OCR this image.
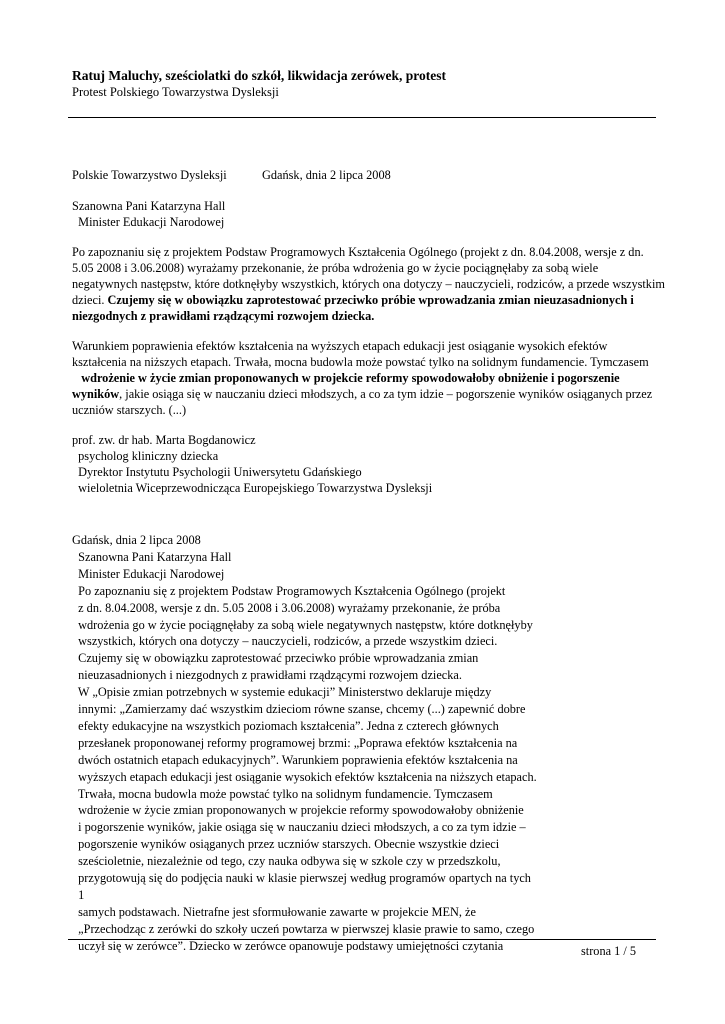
Ratuj Maluchy, sześciolatki do szkół, likwidacja zerówek, protest
Protest Polskiego Towarzystwa Dysleksji
Polskie Towarzystwo Dysleksji	Gdańsk, dnia 2 lipca 2008
Szanowna Pani Katarzyna Hall
Minister Edukacji Narodowej
Po zapoznaniu się z projektem Podstaw Programowych Kształcenia Ogólnego (projekt z dn. 8.04.2008, wersje z dn.
5.05 2008 i 3.06.2008) wyrażamy przekonanie, że próba wdrożenia go w życie pociągnęłaby za sobą wiele
negatywnych następstw, które dotknęłyby wszystkich, których ona dotyczy – nauczycieli, rodziców, a przede wszystkim
dzieci. Czujemy się w obowiązku zaprotestować przeciwko próbie wprowadzania zmian nieuzasadnionych i
niezgodnych z prawidłami rządzącymi rozwojem dziecka.
Warunkiem poprawienia efektów kształcenia na wyższych etapach edukacji jest osiąganie wysokich efektów
kształcenia na niższych etapach. Trwała, mocna budowla może powstać tylko na solidnym fundamencie. Tymczasem
wdrożenie w życie zmian proponowanych w projekcie reformy spowodowałoby obniżenie i pogorszenie
wyników, jakie osiąga się w nauczaniu dzieci młodszych, a co za tym idzie – pogorszenie wyników osiąganych przez
uczniów starszych. (...)
prof. zw. dr hab. Marta Bogdanowicz
psycholog kliniczny dziecka
Dyrektor Instytutu Psychologii Uniwersytetu Gdańskiego
wieloletnia Wiceprzewodnicząca Europejskiego Towarzystwa Dysleksji
Gdańsk, dnia 2 lipca 2008
Szanowna Pani Katarzyna Hall
Minister Edukacji Narodowej
Po zapoznaniu się z projektem Podstaw Programowych Kształcenia Ogólnego (projekt
z dn. 8.04.2008, wersje z dn. 5.05 2008 i 3.06.2008) wyrażamy przekonanie, że próba
wdrożenia go w życie pociągnęłaby za sobą wiele negatywnych następstw, które dotknęłyby
wszystkich, których ona dotyczy – nauczycieli, rodziców, a przede wszystkim dzieci.
Czujemy się w obowiązku zaprotestować przeciwko próbie wprowadzania zmian
nieuzasadnionych i niezgodnych z prawidłami rządzącymi rozwojem dziecka.
W „Opisie zmian potrzebnych w systemie edukacji” Ministerstwo deklaruje między
innymi: „Zamierzamy dać wszystkim dzieciom równe szanse, chcemy (...) zapewnić dobre
efekty edukacyjne na wszystkich poziomach kształcenia”. Jedna z czterech głównych
przesłanek proponowanej reformy programowej brzmi: „Poprawa efektów kształcenia na
dwóch ostatnich etapach edukacyjnych”. Warunkiem poprawienia efektów kształcenia na
wyższych etapach edukacji jest osiąganie wysokich efektów kształcenia na niższych etapach.
Trwała, mocna budowla może powstać tylko na solidnym fundamencie. Tymczasem
wdrożenie w życie zmian proponowanych w projekcie reformy spowodowałoby obniżenie
i pogorszenie wyników, jakie osiąga się w nauczaniu dzieci młodszych, a co za tym idzie –
pogorszenie wyników osiąganych przez uczniów starszych. Obecnie wszystkie dzieci
sześcioletnie, niezależnie od tego, czy nauka odbywa się w szkole czy w przedszkolu,
przygotowują się do podjęcia nauki w klasie pierwszej według programów opartych na tych
1
samych podstawach. Nietrafne jest sformułowanie zawarte w projekcie MEN, że
„Przechodząc z zerówki do szkoły uczeń powtarza w pierwszej klasie prawie to samo, czego
uczył się w zerówce”. Dziecko w zerówce opanowuje podstawy umiejętności czytania	strona 1 / 5
